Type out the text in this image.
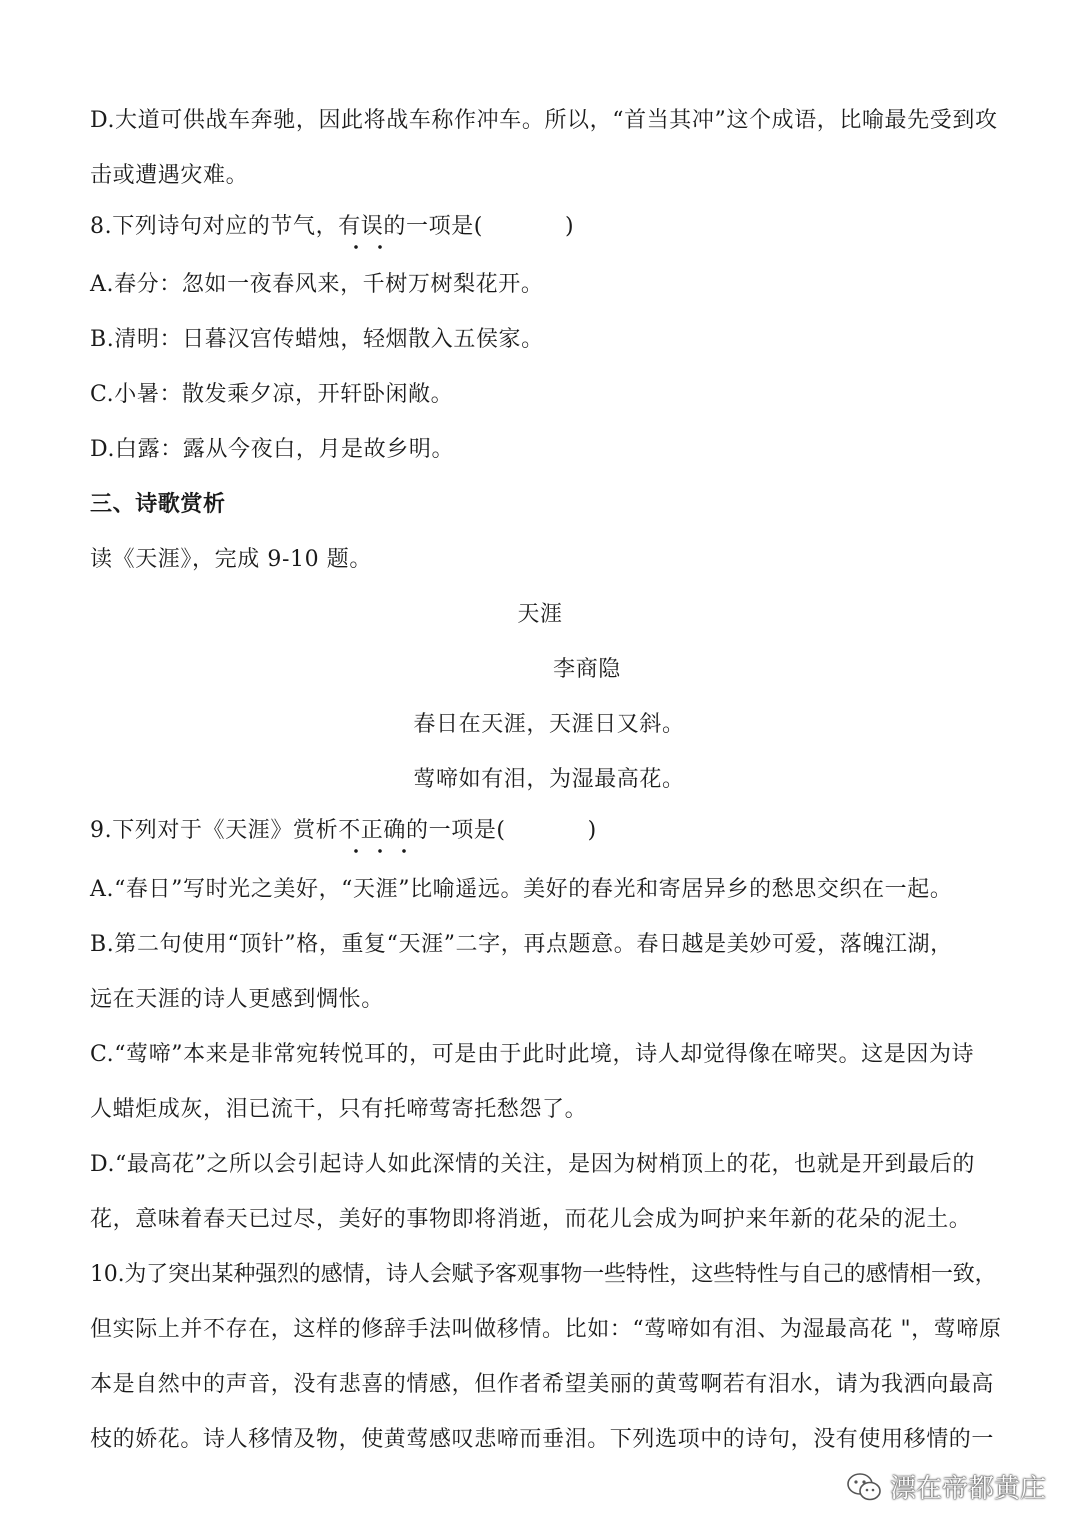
D.大道可供战车奔驰，因此将战车称作冲车。所以，“首当其冲”这个成语，比喻最先受到攻
击或遭遇灾难。
8.下列诗句对应的节气，有误的一项是(	)
A.春分：忽如一夜春风来，千树万树梨花开。
B.清明：日暮汉宫传蜡烛，轻烟散入五侯家。
C.小暑：散发乘夕凉，开轩卧闲敞。
D.白露：露从今夜白，月是故乡明。
三、诗歌赏析
读《天涯》，完成 9-10 题。
天涯
李商隐
春日在天涯，天涯日又斜。
莺啼如有泪，为湿最高花。
9.下列对于《天涯》赏析不正确的一项是(	)
A.“春日”写时光之美好，“天涯”比喻遥远。美好的春光和寄居异乡的愁思交织在一起。
B.第二句使用“顶针”格，重复“天涯”二字，再点题意。春日越是美妙可爱，落魄江湖，
远在天涯的诗人更感到惆怅。
C.“莺啼”本来是非常宛转悦耳的，可是由于此时此境，诗人却觉得像在啼哭。这是因为诗
人蜡炬成灰，泪已流干，只有托啼莺寄托愁怨了。
D.“最高花”之所以会引起诗人如此深情的关注，是因为树梢顶上的花，也就是开到最后的
花，意味着春天已过尽，美好的事物即将消逝，而花儿会成为呵护来年新的花朵的泥土。
10.为了突出某种强烈的感情，诗人会赋予客观事物一些特性，这些特性与自己的感情相一致，
但实际上并不存在，这样的修辞手法叫做移情。比如：“莺啼如有泪、为湿最高花 "，莺啼原
本是自然中的声音，没有悲喜的情感，但作者希望美丽的黄莺啊若有泪水，请为我洒向最高
枝的娇花。诗人移情及物，使黄莺感叹悲啼而垂泪。下列选项中的诗句，没有使用移情的一
漂在帝都黄庄
